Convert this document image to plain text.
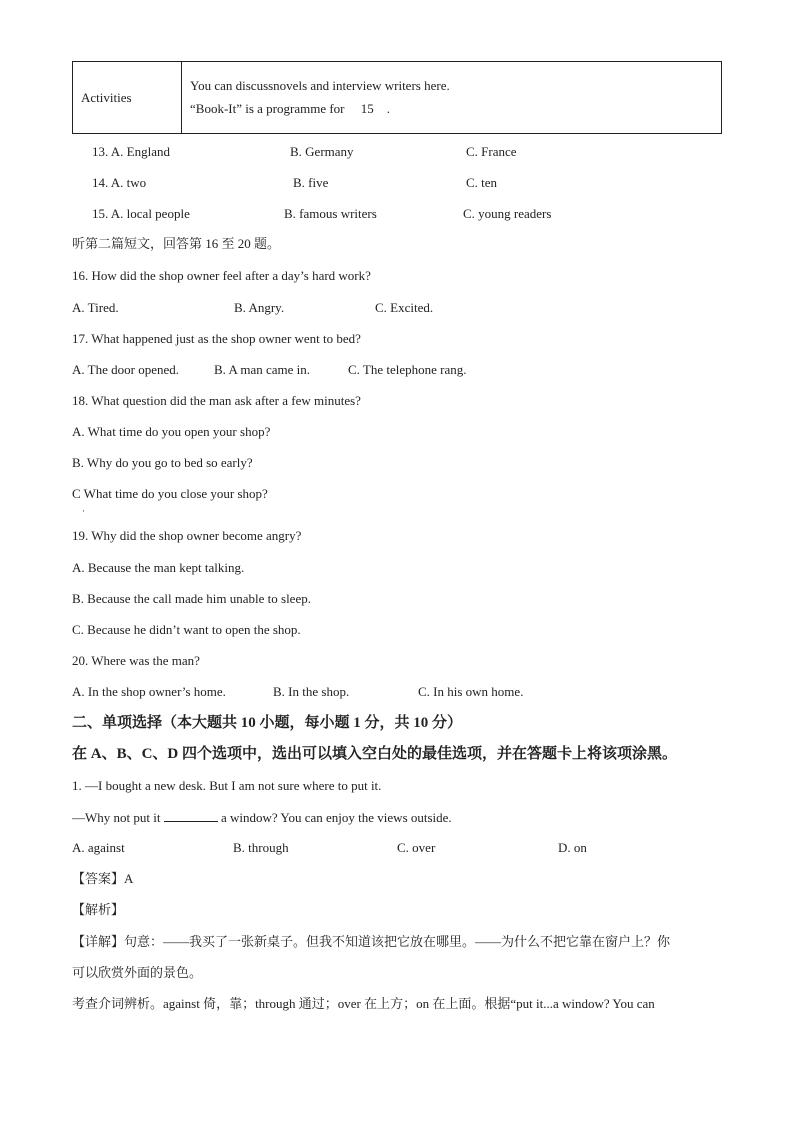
Activities	
You can discussnovels and interview writers here.
“Book-It” is a programme for 15 .
13. A. England	B. Germany	C. France
14. A. two	B. five	C. ten
15. A. local people	B. famous writers	C. young readers
听第二篇短文，回答第 16 至 20 题。
16. How did the shop owner feel after a day’s hard work?
A. Tired.	B. Angry.	C. Excited.
17. What happened just as the shop owner went to bed?
A. The door opened.	B. A man came in.	C. The telephone rang.
18. What question did the man ask after a few minutes?
A. What time do you open your shop?
B. Why do you go to bed so early?
C What time do you close your shop?
·
19. Why did the shop owner become angry?
A. Because the man kept talking.
B. Because the call made him unable to sleep.
C. Because he didn’t want to open the shop.
20. Where was the man?
A. In the shop owner’s home.	B. In the shop.	C. In his own home.
二、单项选择（本大题共 10 小题，每小题 1 分，共 10 分）
在 A、B、C、D 四个选项中，选出可以填入空白处的最佳选项，并在答题卡上将该项涂黑。
1. —I bought a new desk. But I am not sure where to put it.
—Why not put it	a window? You can enjoy the views outside.
A. against	B. through	C. over	D. on
【答案】A
【解析】
【详解】句意：——我买了一张新桌子。但我不知道该把它放在哪里。——为什么不把它靠在窗户上？你
可以欣赏外面的景色。
考查介词辨析。against 倚，靠；through 通过；over 在上方；on 在上面。根据“put it...a window? You can
